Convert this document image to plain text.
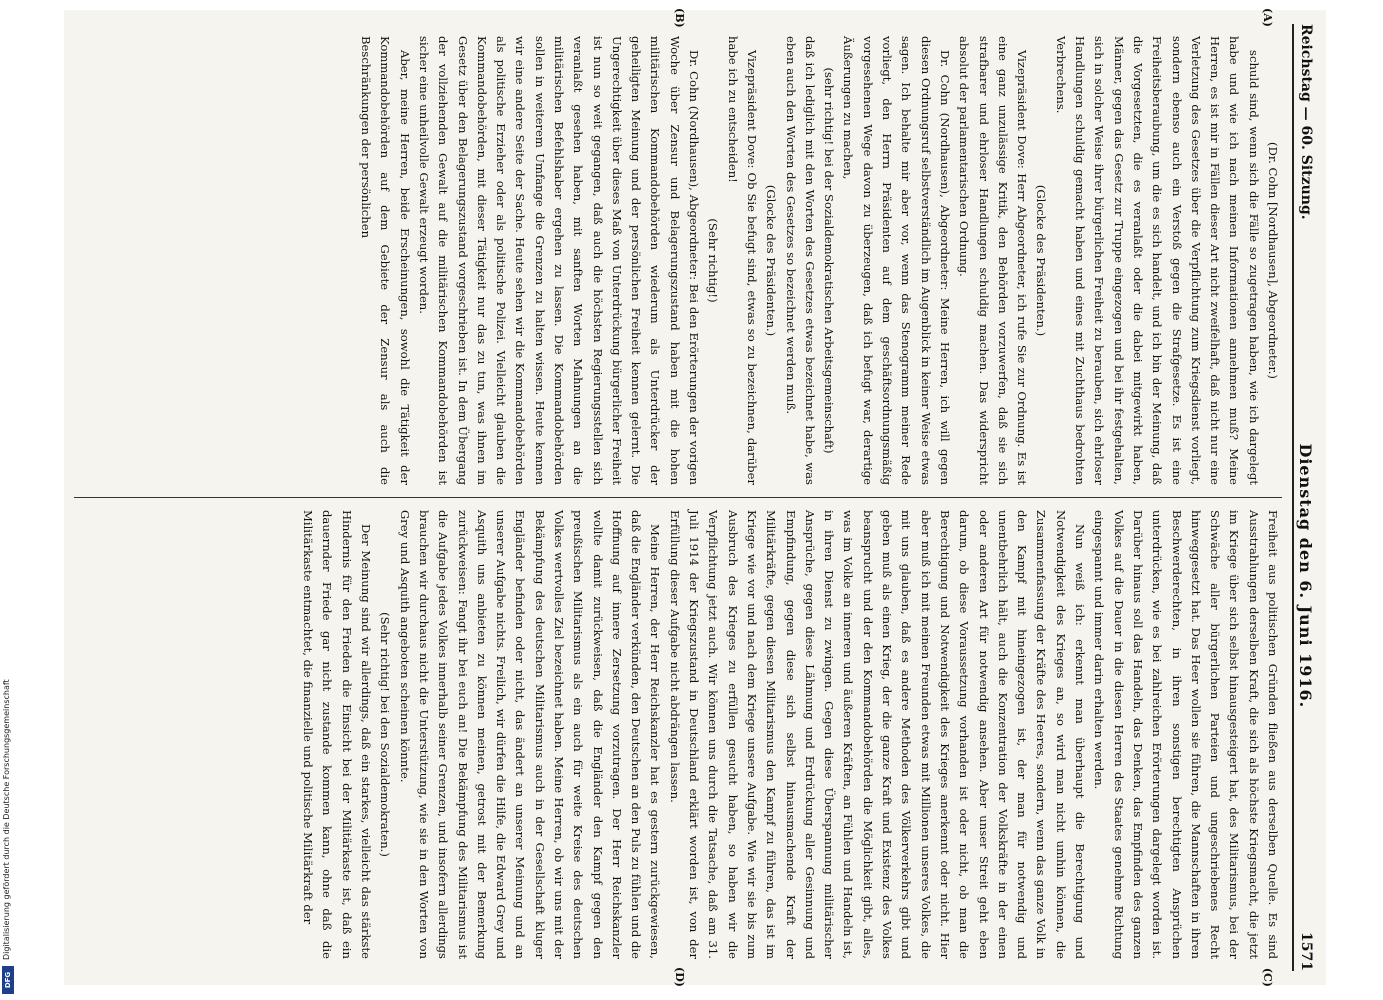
Reichstag — 60. Sitzung.
Dienstag den 6. Juni 1916.
1571
(A)
(B)
(C)
(D)

(Dr. Cohn [Nordhausen], Abgeordneter.)

schuld sind, wenn sich die Fälle so zugetragen haben, wie ich dargelegt habe und wie ich nach meinen Informationen annehmen muß? Meine Herren, es ist mir in Fällen dieser Art nicht zweifelhaft, daß nicht nur eine Verletzung des Gesetzes über die Verpflichtung zum Kriegsdienst vorliegt, sondern ebenso auch ein Verstoß gegen die Strafgesetze. Es ist eine Freiheitsberaubung, um die es sich handelt, und ich bin der Meinung, daß die Vorgesetzten, die es veranlaßt oder die dabei mitgewirkt haben, Männer, gegen das Gesetz zur Truppe eingezogen und bei ihr festgehalten, sich in solcher Weise ihrer bürgerlichen Freiheit zu berauben, sich ehrloser Handlungen schuldig gemacht haben und eines mit Zuchthaus bedrohten Verbrechens.

(Glocke des Präsidenten.)

Vizepräsident Dove: Herr Abgeordneter, ich rufe Sie zur Ordnung. Es ist eine ganz unzulässige Kritik, den Behörden vorzuwerfen, daß sie sich strafbarer und ehrloser Handlungen schuldig machen. Das widerspricht absolut der parlamentarischen Ordnung.

Dr. Cohn (Nordhausen), Abgeordneter: Meine Herren, ich will gegen diesen Ordnungsruf selbstverständlich im Augenblick in keiner Weise etwas sagen. Ich behalte mir aber vor, wenn das Stenogramm meiner Rede vorliegt, den Herrn Präsidenten auf dem geschäftsordnungsmäßig vorgesehenen Wege davon zu überzeugen, daß ich befugt war, derartige Äußerungen zu machen,

(sehr richtig! bei der Sozialdemokratischen Arbeitsgemeinschaft)

daß ich lediglich mit den Worten des Gesetzes etwas bezeichnet habe, was eben auch den Worten des Gesetzes so bezeichnet werden muß.

(Glocke des Präsidenten.)

Vizepräsident Dove: Ob Sie befugt sind, etwas so zu bezeichnen, darüber habe ich zu entscheiden!

(Sehr richtig!)

Dr. Cohn (Nordhausen), Abgeordneter: Bei den Erörterungen der vorigen Woche über Zensur und Belagerungszustand haben mit die hohen militärischen Kommandobehörden wiederum als Unterdrücker der geheiligten Meinung und der persönlichen Freiheit kennen gelernt. Die Ungerechtigkeit über dieses Maß von Unterdrückung bürgerlicher Freiheit ist nun so weit gegangen, daß auch die höchsten Regierungsstellen sich veranlaßt gesehen haben, mit sanften Worten Mahnungen an die militärischen Befehlshaber ergehen zu lassen. Die Kommandobehörden sollen in weiterem Umfange die Grenzen zu halten wissen. Heute kennen wir eine andere Seite der Sache. Heute sehen wir die Kommandobehörden als politische Erzieher oder als politische Polizei. Vielleicht glauben die Kommandobehörden, mit dieser Tätigkeit nur das zu tun, was ihnen im Gesetz über den Belagerungszustand vorgeschrieben ist. In dem Übergang der vollziehenden Gewalt auf die militärischen Kommandobehörden ist sicher eine unheilvolle Gewalt erzeugt worden.

Aber, meine Herren, beide Erscheinungen, sowohl die Tätigkeit der Kommandobehörden auf dem Gebiete der Zensur als auch die Beschränkungen der persönlichen

Freiheit aus politischen Gründen fließen aus derselben Quelle. Es sind Ausstrahlungen derselben Kraft, die sich als höchste Kriegsmacht, die jetzt im Kriege über sich selbst hinausgesteigert hat, des Militarismus, bei der Schwäche aller bürgerlichen Parteien und ungeschriebenes Recht hinweggesetzt hat. Das Heer wollen sie führen, die Mannschaften in ihren Beschwerderechten, in ihren sonstigen berechtigten Ansprüchen unterdrücken, wie es bei zahlreichen Erörterungen dargelegt worden ist. Darüber hinaus soll das Handeln, das Denken, das Empfinden des ganzen Volkes auf die Dauer in die diesen Herren des Staates genehme Richtung eingespannt und immer darin erhalten werden.

Nun weiß ich: erkennt man überhaupt die Berechtigung und Notwendigkeit des Krieges an, so wird man nicht umhin können, die Zusammenfassung der Kräfte des Heeres, sondern, wenn das ganze Volk in den Kampf mit hineingezogen ist, der man für notwendig und unentbehrlich hält, auch die Konzentration der Volkskräfte in der einen oder anderen Art für notwendig ansehen. Aber unser Streit geht eben darum, ob diese Voraussetzung vorhanden ist oder nicht, ob man die Berechtigung und Notwendigkeit des Krieges anerkennt oder nicht. Hier aber muß ich mit meinen Freunden etwas mit Millionen unseres Volkes, die mit uns glauben, daß es andere Methoden des Völkerverkehrs gibt und geben muß als einen Krieg, der die ganze Kraft und Existenz des Volkes beansprucht und der den Kommandobehörden die Möglichkeit gibt, alles, was im Volke an inneren und äußeren Kräften, an Fühlen und Handeln ist, in ihren Dienst zu zwingen. Gegen diese Überspannung militärischer Ansprüche, gegen diese Lähmung und Erdrückung aller Gesinnung und Empfindung, gegen diese sich selbst hinausmachende Kraft der Militärkräfte, gegen diesen Militarismus den Kampf zu führen, das ist im Kriege wie vor und nach dem Kriege unsere Aufgabe. Wie wir sie bis zum Ausbruch des Krieges zu erfüllen gesucht haben, so haben wir die Verpflichtung jetzt auch. Wir können uns durch die Tatsache, daß am 31. Juli 1914 der Kriegszustand in Deutschland erklärt worden ist, von der Erfüllung dieser Aufgabe nicht abdrängen lassen.

Meine Herren, der Herr Reichskanzler hat es gestern zurückgewiesen, daß die Engländer verkünden, den Deutschen an den Puls zu fühlen und die Hoffnung auf innere Zersetzung vorzutragen. Der Herr Reichskanzler wollte damit zurückweisen, daß die Engländer den Kampf gegen den preußischen Militarismus als ein auch für weite Kreise des deutschen Volkes wertvolles Ziel bezeichnet haben. Meine Herren, ob wir uns mit der Bekämpfung des deutschen Militarismus auch in der Gesellschaft kluger Engländer befinden oder nicht, das ändert an unserer Meinung und an unserer Aufgabe nichts. Freilich, wir dürfen die Hilfe, die Edward Grey und Asquith uns anbieten zu können meinen, getrost mit der Bemerkung zurückweisen: Fangt ihr bei euch an! Die Bekämpfung des Militarismus ist die Aufgabe jedes Volkes innerhalb seiner Grenzen, und insofern allerdings brauchen wir durchaus nicht die Unterstützung, wie sie in den Worten von Grey und Asquith angeboten scheinen könnte.

(Sehr richtig! bei den Sozialdemokraten.)

Der Meinung sind wir allerdings, daß ein starkes, vielleicht das stärkste Hindernis für den Frieden die Einsicht bei der Militärkaste ist, daß ein dauernder Friede gar nicht zustande kommen kann, ohne daß die Militärkaste entmachtet, die finanzielle und politische Militärkraft der

Digitalisierung gefördert durch die Deutsche Forschungsgemeinschaft
DFG
